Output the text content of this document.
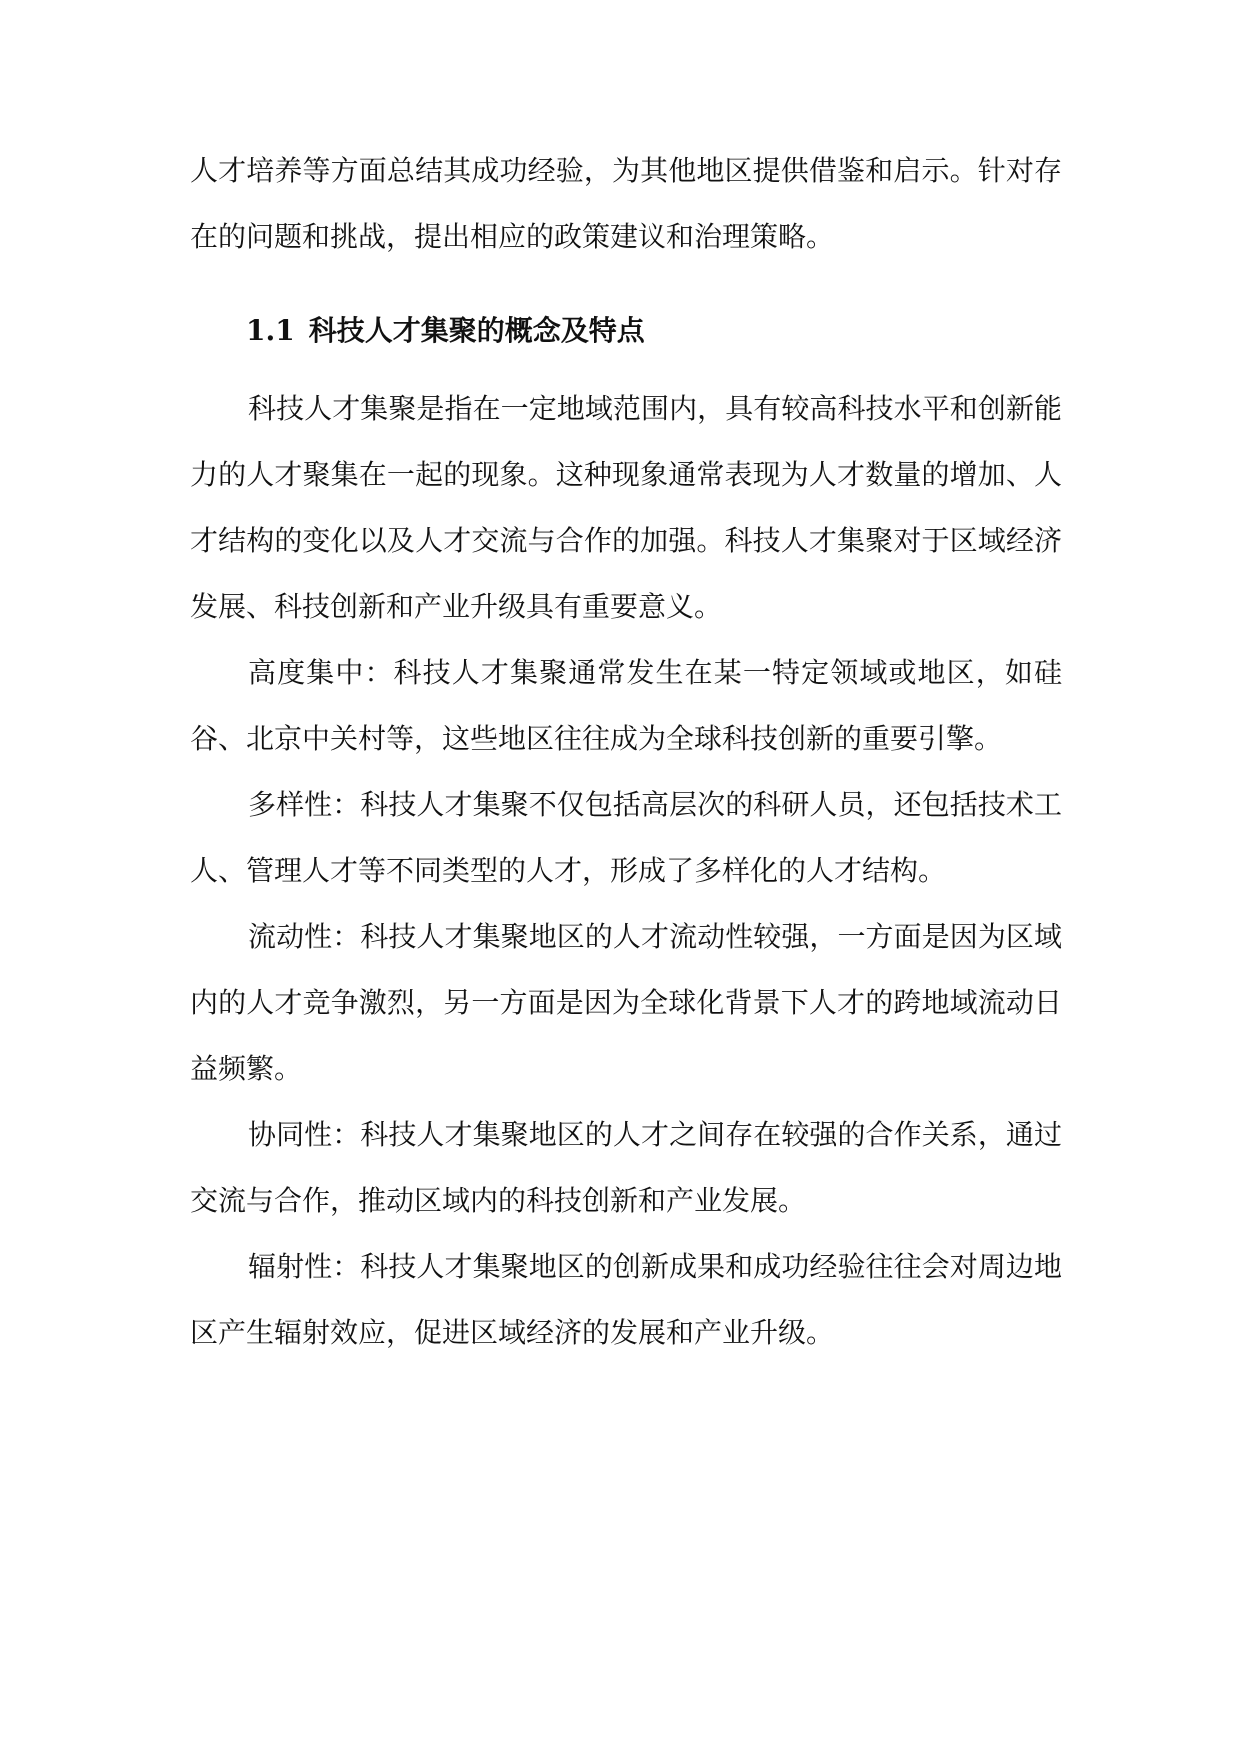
人才培养等方面总结其成功经验，为其他地区提供借鉴和启示。针对存在的问题和挑战，提出相应的政策建议和治理策略。

1.1 科技人才集聚的概念及特点

科技人才集聚是指在一定地域范围内，具有较高科技水平和创新能力的人才聚集在一起的现象。这种现象通常表现为人才数量的增加、人才结构的变化以及人才交流与合作的加强。科技人才集聚对于区域经济发展、科技创新和产业升级具有重要意义。

高度集中：科技人才集聚通常发生在某一特定领域或地区，如硅谷、北京中关村等，这些地区往往成为全球科技创新的重要引擎。

多样性：科技人才集聚不仅包括高层次的科研人员，还包括技术工人、管理人才等不同类型的人才，形成了多样化的人才结构。

流动性：科技人才集聚地区的人才流动性较强，一方面是因为区域内的人才竞争激烈，另一方面是因为全球化背景下人才的跨地域流动日益频繁。

协同性：科技人才集聚地区的人才之间存在较强的合作关系，通过交流与合作，推动区域内的科技创新和产业发展。

辐射性：科技人才集聚地区的创新成果和成功经验往往会对周边地区产生辐射效应，促进区域经济的发展和产业升级。
